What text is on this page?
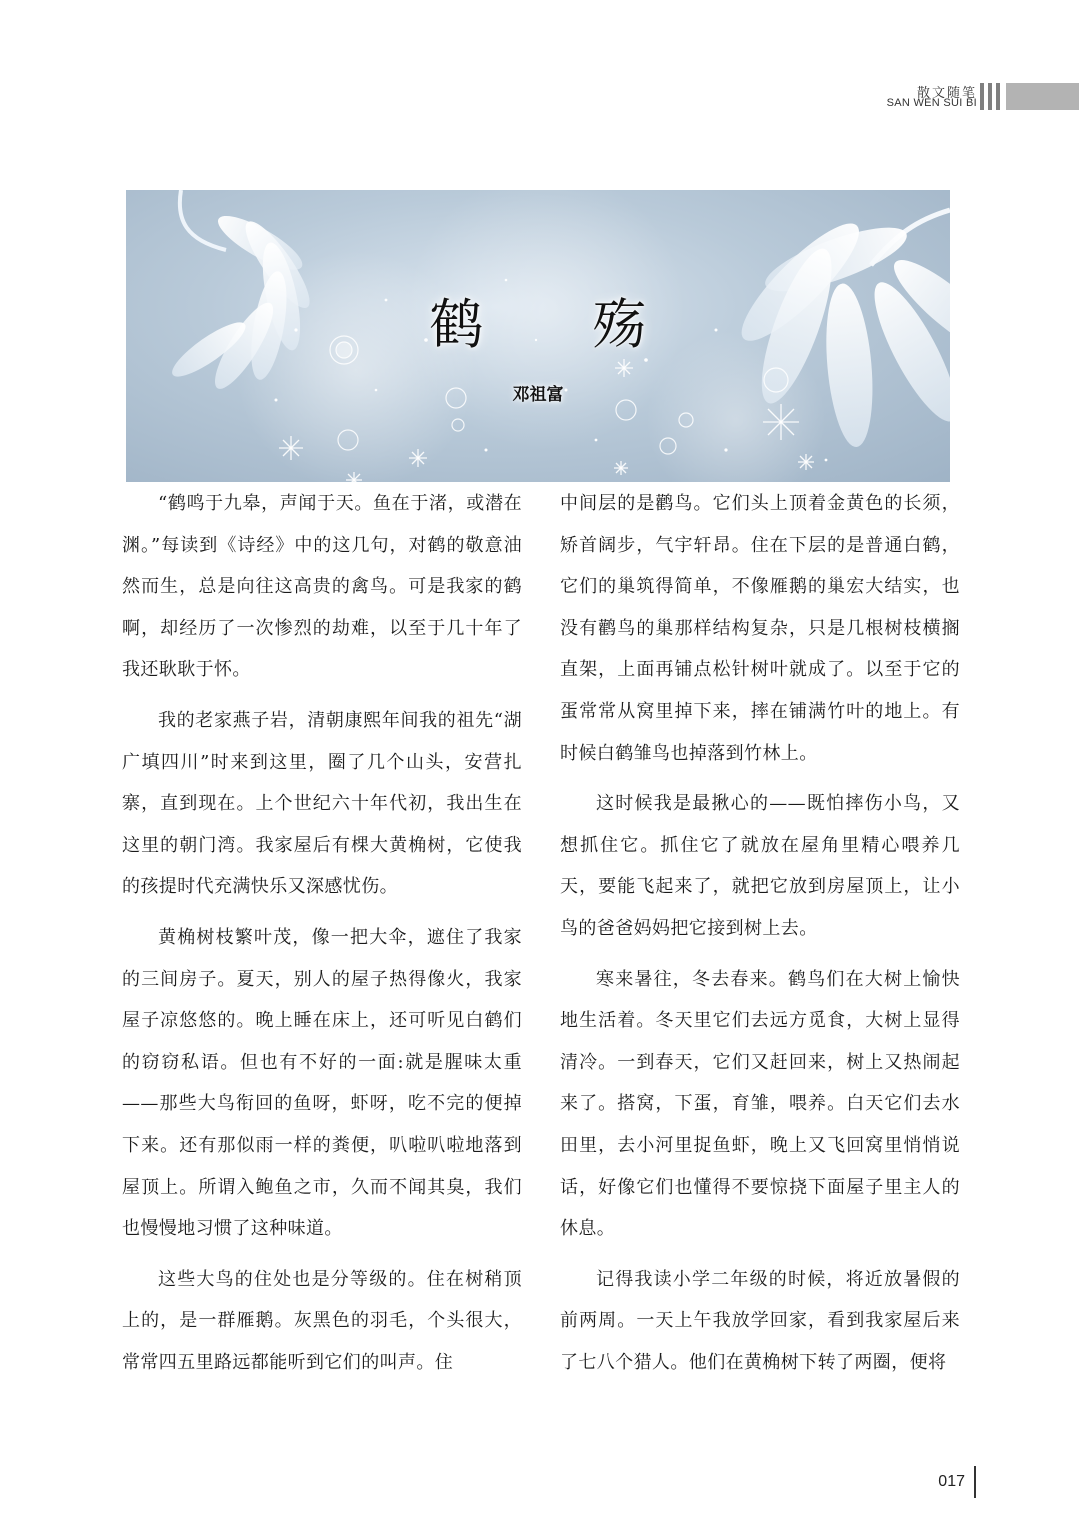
散文随笔
SAN WEN SUI BI
鹤 殇
邓祖富

“鹤鸣于九皋，声闻于天。鱼在于渚，或潜在渊。”每读到《诗经》中的这几句，对鹤的敬意油然而生，总是向往这高贵的禽鸟。可是我家的鹤啊，却经历了一次惨烈的劫难，以至于几十年了我还耿耿于怀。

我的老家燕子岩，清朝康熙年间我的祖先“湖广填四川”时来到这里，圈了几个山头，安营扎寨，直到现在。上个世纪六十年代初，我出生在这里的朝门湾。我家屋后有棵大黄桷树，它使我的孩提时代充满快乐又深感忧伤。

黄桷树枝繁叶茂，像一把大伞，遮住了我家的三间房子。夏天，别人的屋子热得像火，我家屋子凉悠悠的。晚上睡在床上，还可听见白鹤们的窃窃私语。但也有不好的一面:就是腥味太重——那些大鸟衔回的鱼呀，虾呀，吃不完的便掉下来。还有那似雨一样的粪便，叭啦叭啦地落到屋顶上。所谓入鲍鱼之市，久而不闻其臭，我们也慢慢地习惯了这种味道。

这些大鸟的住处也是分等级的。住在树稍顶上的，是一群雁鹅。灰黑色的羽毛，个头很大，常常四五里路远都能听到它们的叫声。住

中间层的是鹳鸟。它们头上顶着金黄色的长须，矫首阔步，气宇轩昂。住在下层的是普通白鹤，它们的巢筑得简单，不像雁鹅的巢宏大结实，也没有鹳鸟的巢那样结构复杂，只是几根树枝横搁直架，上面再铺点松针树叶就成了。以至于它的蛋常常从窝里掉下来，摔在铺满竹叶的地上。有时候白鹤雏鸟也掉落到竹林上。

这时候我是最揪心的——既怕摔伤小鸟，又想抓住它。抓住它了就放在屋角里精心喂养几天，要能飞起来了，就把它放到房屋顶上，让小鸟的爸爸妈妈把它接到树上去。

寒来暑往，冬去春来。鹤鸟们在大树上愉快地生活着。冬天里它们去远方觅食，大树上显得清冷。一到春天，它们又赶回来，树上又热闹起来了。搭窝，下蛋，育雏，喂养。白天它们去水田里，去小河里捉鱼虾，晚上又飞回窝里悄悄说话，好像它们也懂得不要惊挠下面屋子里主人的休息。

记得我读小学二年级的时候，将近放暑假的前两周。一天上午我放学回家，看到我家屋后来了七八个猎人。他们在黄桷树下转了两圈，便将

017
